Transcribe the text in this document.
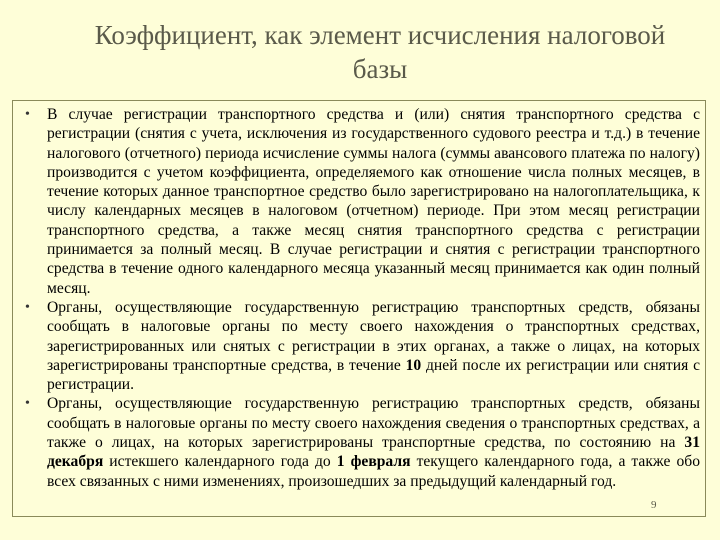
Коэффициент, как элемент исчисления налоговой
базы
• В случае регистрации транспортного средства и (или) снятия транспортного средства с регистрации (снятия с учета, исключения из государственного судового реестра и т.д.) в течение налогового (отчетного) периода исчисление суммы налога (суммы авансового платежа по налогу) производится с учетом коэффициента, определяемого как отношение числа полных месяцев, в течение которых данное транспортное средство было зарегистрировано на налогоплательщика, к числу календарных месяцев в налоговом (отчетном) периоде. При этом месяц регистрации транспортного средства, а также месяц снятия транспортного средства с регистрации принимается за полный месяц. В случае регистрации и снятия с регистрации транспортного средства в течение одного календарного месяца указанный месяц принимается как один полный месяц.
• Органы, осуществляющие государственную регистрацию транспортных средств, обязаны сообщать в налоговые органы по месту своего нахождения о транспортных средствах, зарегистрированных или снятых с регистрации в этих органах, а также о лицах, на которых зарегистрированы транспортные средства, в течение 10 дней после их регистрации или снятия с регистрации.
• Органы, осуществляющие государственную регистрацию транспортных средств, обязаны сообщать в налоговые органы по месту своего нахождения сведения о транспортных средствах, а также о лицах, на которых зарегистрированы транспортные средства, по состоянию на 31 декабря истекшего календарного года до 1 февраля текущего календарного года, а также обо всех связанных с ними изменениях, произошедших за предыдущий календарный год.
9
